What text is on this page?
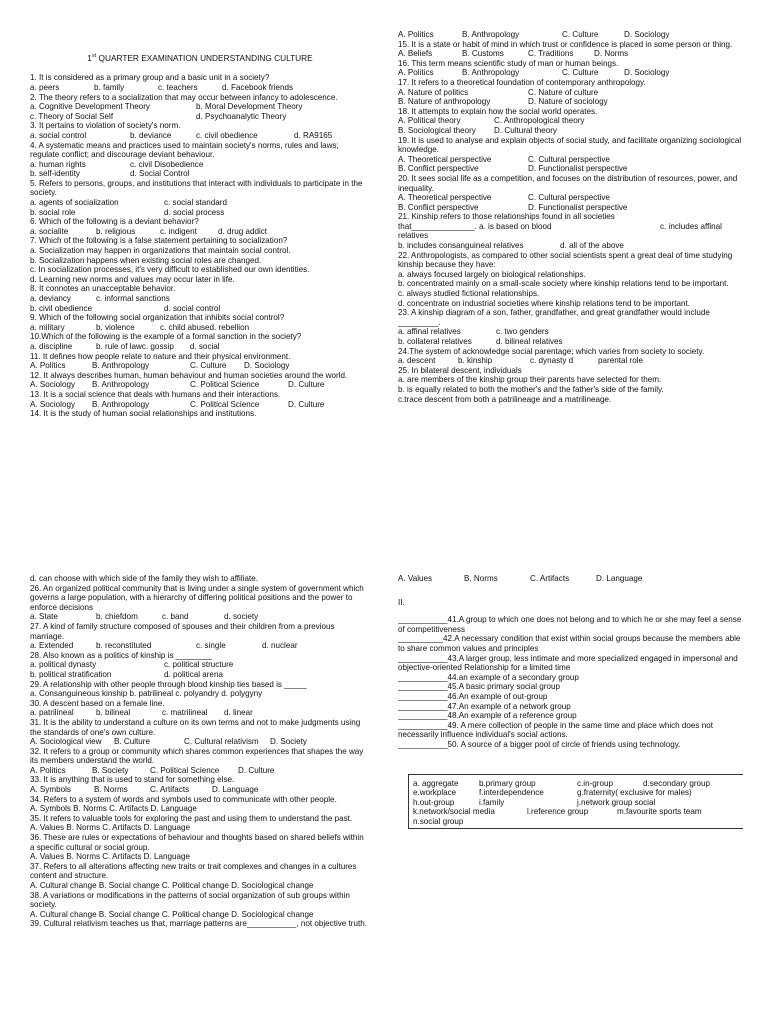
1st QUARTER EXAMINATION UNDERSTANDING CULTURE
1. It is considered as a primary group and a basic unit in a society?
a. peers	b. family	c. teachers	d. Facebook friends
2. The theory refers to a socialization that may occur between infancy to adolescence.
a. Cognitive Development Theory	b. Moral Development Theory
c. Theory of Social Self	d. Psychoanalytic Theory
3. It pertains to violation of society's norm.
a. social control	b. deviance	c. civil obedience	d. RA9165
4. A systematic means and practices used to maintain society's norms, rules and laws; regulate conflict; and discourage deviant behaviour.
a. human rights	c. civil Disobedience
b. self-identity	d. Social Control
5. Refers to persons, groups, and institutions that interact with individuals to participate in the society.
a. agents of socialization	c. social standard
b. social role	d. social process
6. Which of the following is a deviant behavior?
a. socialite	b. religious	c. indigent	d. drug addict
7. Which of the following is a false statement pertaining to socialization?
a. Socialization may happen in organizations that maintain social control.
b. Socialization happens when existing social roles are changed.
c. In socialization processes, it's very difficult to established our own identities.
d. Learning new norms and values may occur later in life.
8. It connotes an unacceptable behavior.
a. deviancy	c. informal sanctions
b. civil obedience	d. social control
9. Which of the following social organization that inhibits social control?
a. military	b. violence	c. child abuse d. rebellion
10.Which of the following is the example of a formal sanction in the society?
a. discipline	b. rule of law c. gossip	d. social
11. It defines how people relate to nature and their physical environment.
A. Politics	B. Anthropology	C. Culture	D. Sociology
12. It always describes human, human behaviour and human societies around the world.
A. Sociology	B. Anthropology	C. Political Science	D. Culture
13. It is a social science that deals with humans and their interactions.
A. Sociology	B. Anthropology	C. Political Science	D. Culture
14. It is the study of human social relationships and institutions.
A. Politics	B. Anthropology	C. Culture	D. Sociology
15. It is a state or habit of mind in which trust or confidence is placed in some person or thing.
A. Beliefs	B. Customs	C. Traditions	D. Norms
16. This term means scientific study of man or human beings.
A. Politics	B. Anthropology	C. Culture	D. Sociology
17. It refers to a theoretical foundation of contemporary anthropology.
A. Nature of politics	C. Nature of culture
B. Nature of anthropology	D. Nature of sociology
18. It attempts to explain how the social world operates.
A. Political theory	C. Anthropological theory
B. Sociological theory	D. Cultural theory
19. It is used to analyse and explain objects of social study, and facilitate organizing sociological knowledge.
A. Theoretical perspective	C. Cultural perspective
B. Conflict perspective	D. Functionalist perspective
20. It sees social life as a competition, and focuses on the distribution of resources, power, and inequality.
A. Theoretical perspective	C. Cultural perspective
B. Conflict perspective	D. Functionalist perspective
21. Kinship refers to those relationships found in all societies
that______________. a. is based on blood	c. includes affinal
relatives
b. includes consanguineal relatives	d. all of the above
22. Anthropologists, as compared to other social scientists spent a great deal of time studying kinship because they have:
a. always focused largely on biological relationships.
b. concentrated mainly on a small-scale society where kinship relations tend to be important.
c. always studied fictional relationships.
d. concentrate on industrial societies where kinship relations tend to be important.
23. A kinship diagram of a son, father, grandfather, and great grandfather would include _________.
a. affinal relatives	c. two genders
b. collateral relatives	d. bilineal relatives
24.The system of acknowledge social parentage; which varies from society to society.
a. descent	b. kinship	c. dynasty d	parental role
25. In bilateral descent, individuals
a. are members of the kinship group their parents have selected for them.
b. is equally related to both the mother's and the father's side of the family.
c.trace descent from both a patrilineage and a matrilineage.
d. can choose with which side of the family they wish to affiliate.
26. An organized political community that is living under a single system of government which governs a large population, with a hierarchy of differing political positions and the power to enforce decisions
a. State	b. chiefdom	c. band	d. society
27. A kind of family structure composed of spouses and their children from a previous marriage.
a. Extended	b. reconstituted	c. single	d. nuclear
28. Also known as a politics of kinship is ________
a. political dynasty	c. political structure
b. political stratification	d. political arena
29. A relationship with other people through blood kinship ties based is _____
a. Consanguineous kinship b. patrilineal c. polyandry d. polygyny
30. A descent based on a female line.
a. patrilineal	b. bilineal	c. matrilineal	d. linear
31. It is the ability to understand a culture on its own terms and not to make judgments using the standards of one's own culture.
A. Sociological view	B. Culture	C. Cultural relativism	D. Society
32. It refers to a group or community which shares common experiences that shapes the way its members understand the world.
A. Politics	B. Society	C. Political Science	D. Culture
33. It is anything that is used to stand for something else.
A. Symbols	B. Norms	C. Artifacts	D. Language
34. Refers to a system of words and symbols used to communicate with other people.
A. Symbols B. Norms C. Artifacts D. Language
35. It refers to valuable tools for exploring the past and using them to understand the past.
A. Values B. Norms C. Artifacts D. Language
36. These are rules or expectations of behaviour and thoughts based on shared beliefs within a specific cultural or social group.
A. Values B. Norms C. Artifacts D. Language
37. Refers to all alterations affecting new traits or trait complexes and changes in a cultures content and structure.
A. Cultural change B. Social change C. Political change D. Sociological change
38. A variations or modifications in the patterns of social organization of sub groups within society.
A. Cultural change B. Social change C. Political change D. Sociological change
39. Cultural relativism teaches us that, marriage patterns are___________, not objective truth.
A. Values	B. Norms	C. Artifacts	D. Language
II.
___________41.A group to which one does not belong and to which he or she may feel a sense of competitiveness
__________42.A necessary condition that exist within social groups because the members able to share common values and principles
___________43.A larger group, less intimate and more specialized engaged in impersonal and objective-oriented Relationship for a limited time
___________44.an example of a secondary group
___________45.A basic primary social group
___________46.An example of out-group
___________47.An example of a network group
___________48.An example of a reference group
___________49. A mere collection of people in the same time and place which does not necessarily influence individual's social actions.
___________50. A source of a bigger pool of circle of friends using technology.
a. aggregate	b.primary group	c.in-group	d.secondary group
e.workplace	f.interdependence	g.fraternity( exclusive for males)
h.out-group	i.family	j.network group social
k.network/social media	l.reference group	m.favourite sports team
n.social group
